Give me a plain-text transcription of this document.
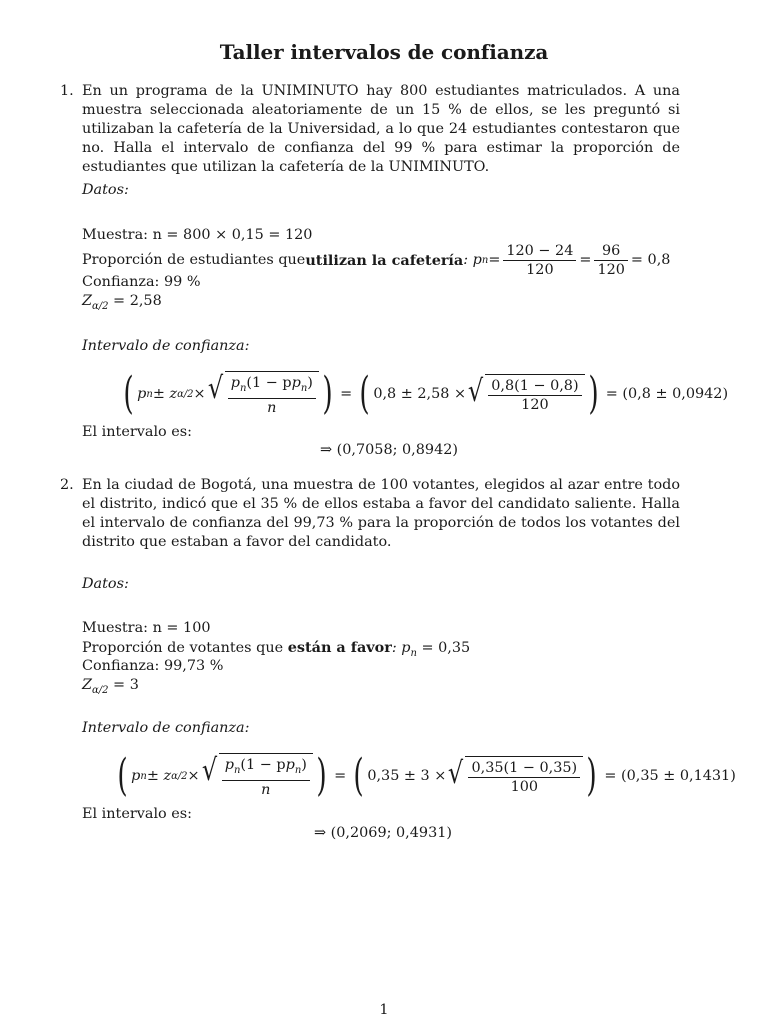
Taller intervalos de confianza
1. En un programa de la UNIMINUTO hay 800 estudiantes matriculados. A una muestra seleccionada aleatoriamente de un 15 % de ellos, se les preguntó si utilizaban la cafetería de la Universidad, a lo que 24 estudiantes contestaron que no. Halla el intervalo de confianza del 99 % para estimar la proporción de estudiantes que utilizan la cafetería de la UNIMINUTO.
Datos:
Muestra: n = 800 × 0,15 = 120
Proporción de estudiantes que utilizan la cafetería : p $n = \frac{120 - 24}{120} = \frac{96}{120} = 0,8$
Confianza: 99 %
$Z_{\alpha/2} = 2,58$
Intervalo de confianza:
( p n ± z α/2 × √ $\frac{p_n(1 - pp_n)}{n}$ ) = ( 0,8 ± 2,58 × √ $\frac{0,8(1 - 0,8)}{120}$ ) = (0,8 ± 0,0942)
El intervalo es:
⇒ (0,7058; 0,8942)
2. En la ciudad de Bogotá, una muestra de 100 votantes, elegidos al azar entre todo el distrito, indicó que el 35 % de ellos estaba a favor del candidato saliente. Halla el intervalo de confianza del 99,73 % para la proporción de todos los votantes del distrito que estaban a favor del candidato.
Datos:
Muestra: n = 100
Proporción de votantes que están a favor: $p_n = 0,35$
Confianza: 99,73 %
$Z_{\alpha/2} = 3$
Intervalo de confianza:
( p n ± z α/2 × √ $\frac{p_n(1 - pp_n)}{n}$ ) = ( 0,35 ± 3 × √ $\frac{0,35(1 - 0,35)}{100}$ ) = (0,35 ± 0,1431)
El intervalo es:
⇒ (0,2069; 0,4931)
1
